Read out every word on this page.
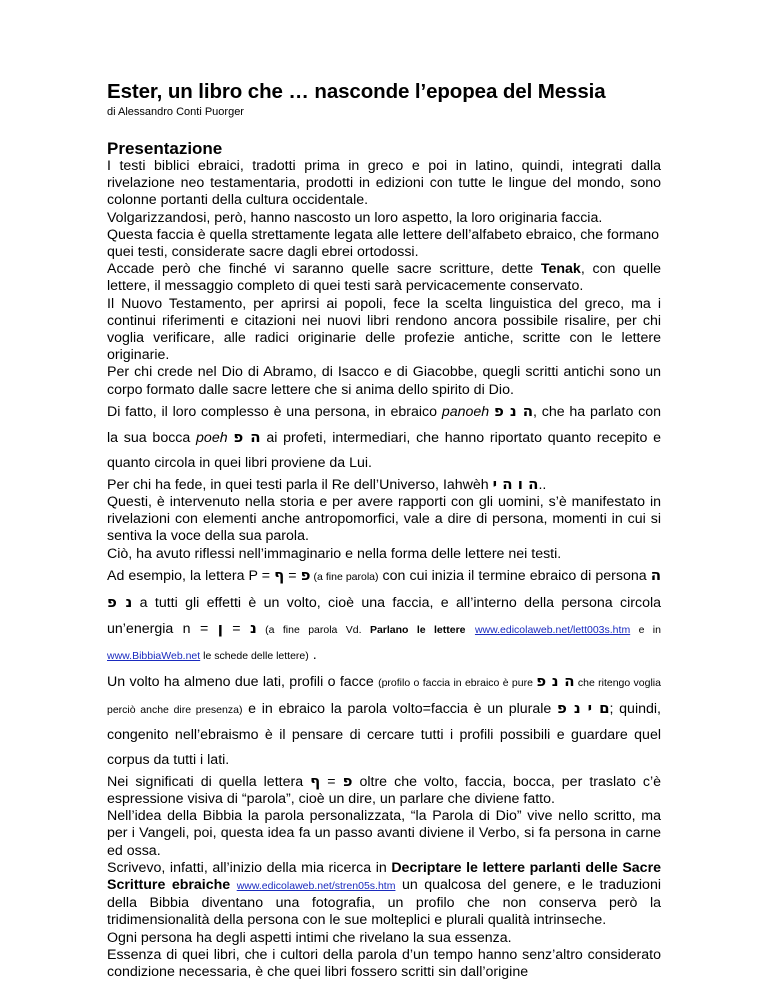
Ester, un libro che … nasconde l’epopea del Messia
di Alessandro Conti Puorger
Presentazione

I testi biblici ebraici, tradotti prima in greco e poi in latino, quindi, integrati dalla rivelazione neo testamentaria, prodotti in edizioni con tutte le lingue del mondo, sono colonne portanti della cultura occidentale.

Volgarizzandosi, però, hanno nascosto un loro aspetto, la loro originaria faccia.

Questa faccia è quella strettamente legata alle lettere dell’alfabeto ebraico, che formano quei testi, considerate sacre dagli ebrei ortodossi.

Accade però che finché vi saranno quelle sacre scritture, dette Tenak, con quelle lettere, il messaggio completo di quei testi sarà pervicacemente conservato.

Il Nuovo Testamento, per aprirsi ai popoli, fece la scelta linguistica del greco, ma i continui riferimenti e citazioni nei nuovi libri rendono ancora possibile risalire, per chi voglia verificare, alle radici originarie delle profezie antiche, scritte con le lettere originarie.

Per chi crede nel Dio di Abramo, di Isacco e di Giacobbe, quegli scritti antichi sono un corpo formato dalle sacre lettere che si anima dello spirito di Dio.

Di fatto, il loro complesso è una persona, in ebraico panoeh ה נ פ, che ha parlato con la sua bocca poeh ה פ ai profeti, intermediari, che hanno riportato quanto recepito e quanto circola in quei libri proviene da Lui.

Per chi ha fede, in quei testi parla il Re dell’Universo, Iahwèh ה ו ה י..

Questi, è intervenuto nella storia e per avere rapporti con gli uomini, s’è manifestato in rivelazioni con elementi anche antropomorfici, vale a dire di persona, momenti in cui si sentiva la voce della sua parola.

Ciò, ha avuto riflessi nell’immaginario e nella forma delle lettere nei testi.

Ad esempio, la lettera P = פ = ף	(a fine parola) con cui inizia il termine ebraico di persona ה נ פ a tutti gli effetti è un volto, cioè una faccia, e all’interno della persona circola un’energia n = נ = ן	(a fine parola Vd. Parlano le lettere www.edicolaweb.net/lett003s.htm e in www.BibbiaWeb.net le schede delle lettere) .

Un volto ha almeno due lati, profili o facce (profilo o faccia in ebraico è pure ה נ פ che ritengo voglia perciò anche dire presenza) e in ebraico la parola volto=faccia è un plurale ם י נ פ; quindi, congenito nell’ebraismo è il pensare di cercare tutti i profili possibili e guardare quel corpus da tutti i lati.

Nei significati di quella lettera פ = ף oltre che volto, faccia, bocca, per traslato c’è espressione visiva di “parola”, cioè un dire, un parlare che diviene fatto.

Nell’idea della Bibbia la parola personalizzata, “la Parola di Dio” vive nello scritto, ma per i Vangeli, poi, questa idea fa un passo avanti diviene il Verbo, si fa persona in carne ed ossa.

Scrivevo, infatti, all’inizio della mia ricerca in Decriptare le lettere parlanti delle Sacre Scritture ebraiche www.edicolaweb.net/stren05s.htm un qualcosa del genere, e le traduzioni della Bibbia diventano una fotografia, un profilo che non conserva però la tridimensionalità della persona con le sue molteplici e plurali qualità intrinseche.

Ogni persona ha degli aspetti intimi che rivelano la sua essenza.

Essenza di quei libri, che i cultori della parola d’un tempo hanno senz’altro considerato condizione necessaria, è che quei libri fossero scritti sin dall’origine
